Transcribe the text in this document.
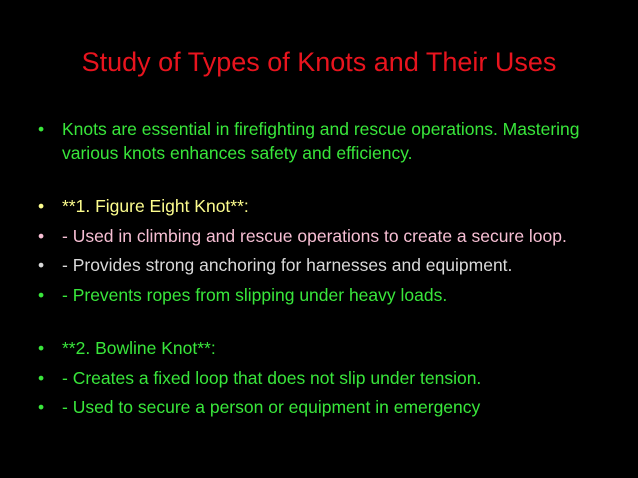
Study of Types of Knots and Their Uses
• Knots are essential in firefighting and rescue operations. Mastering various knots enhances safety and efficiency.
• **1. Figure Eight Knot**:
• - Used in climbing and rescue operations to create a secure loop.
• - Provides strong anchoring for harnesses and equipment.
• - Prevents ropes from slipping under heavy loads.
• **2. Bowline Knot**:
• - Creates a fixed loop that does not slip under tension.
• - Used to secure a person or equipment in emergency
